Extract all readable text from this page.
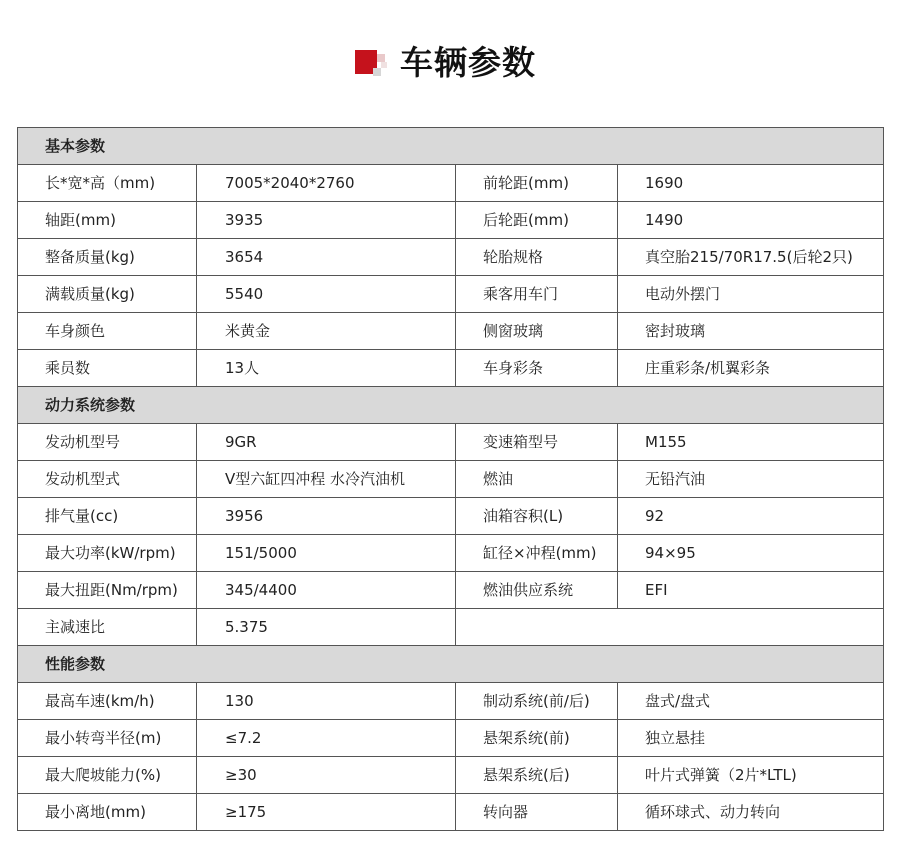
车辆参数
基本参数			
长*宽*高（mm)	7005*2040*2760	前轮距(mm)	1690
轴距(mm)	3935	后轮距(mm)	1490
整备质量(kg)	3654	轮胎规格	真空胎215/70R17.5(后轮2只)
满载质量(kg)	5540	乘客用车门	电动外摆门
车身颜色	米黄金	侧窗玻璃	密封玻璃
乘员数	13人	车身彩条	庄重彩条/机翼彩条
动力系统参数			
发动机型号	9GR	变速箱型号	M155
发动机型式	V型六缸四冲程 水冷汽油机	燃油	无铅汽油
排气量(cc)	3956	油箱容积(L)	92
最大功率(kW/rpm)	151/5000	缸径×冲程(mm)	94×95
最大扭距(Nm/rpm)	345/4400	燃油供应系统	EFI
主减速比	5.375		
性能参数			
最高车速(km/h)	130	制动系统(前/后)	盘式/盘式
最小转弯半径(m)	≤7.2	悬架系统(前)	独立悬挂
最大爬坡能力(%)	≥30	悬架系统(后)	叶片式弹簧（2片*LTL)
最小离地(mm)	≥175	转向器	循环球式、动力转向
